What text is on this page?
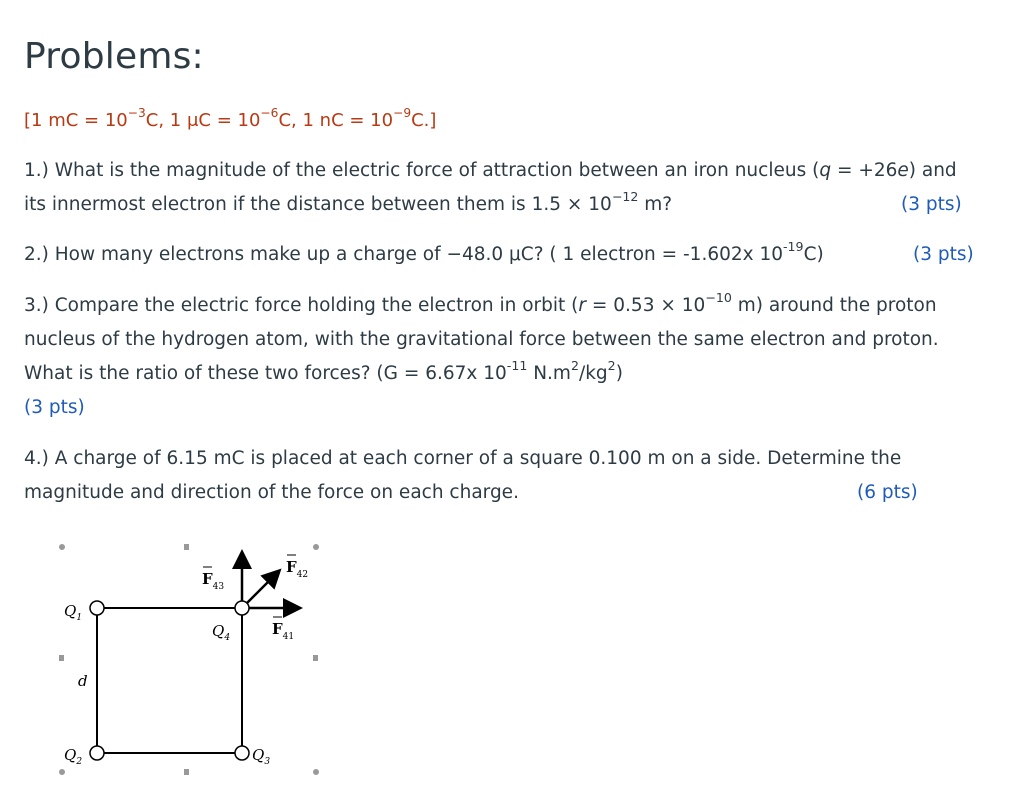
Problems:
[1 mC = $10^{-3}C$, 1 $\mu C = 10^{-6}C$, 1 nC = $10^{-9}C$.]
1.) What is the magnitude of the electric force of attraction between an iron nucleus (q = +26e) and
its innermost electron if the distance between them is $1.5 \times 10^{-12}$ m?	(3 pts)
2.) How many electrons make up a charge of −48.0 μC? ( 1 electron = -1.602x $10^{-19}C$)	(3 pts)
3.) Compare the electric force holding the electron in orbit ($r = 0.53 \times 10^{-10}$ m) around the proton
nucleus of the hydrogen atom, with the gravitational force between the same electron and proton.
What is the ratio of these two forces? (G = 6.67x $10^{-11}$ $N.m^2/kg^2$)
(3 pts)
4.) A charge of 6.15 mC is placed at each corner of a square 0.100 m on a side. Determine the
magnitude and direction of the force on each charge.	(6 pts)
$F_{43}$
$F_{42}$
$F_{41}$
$Q_1$
$Q_4$
$Q_2$	$Q_3$
d
